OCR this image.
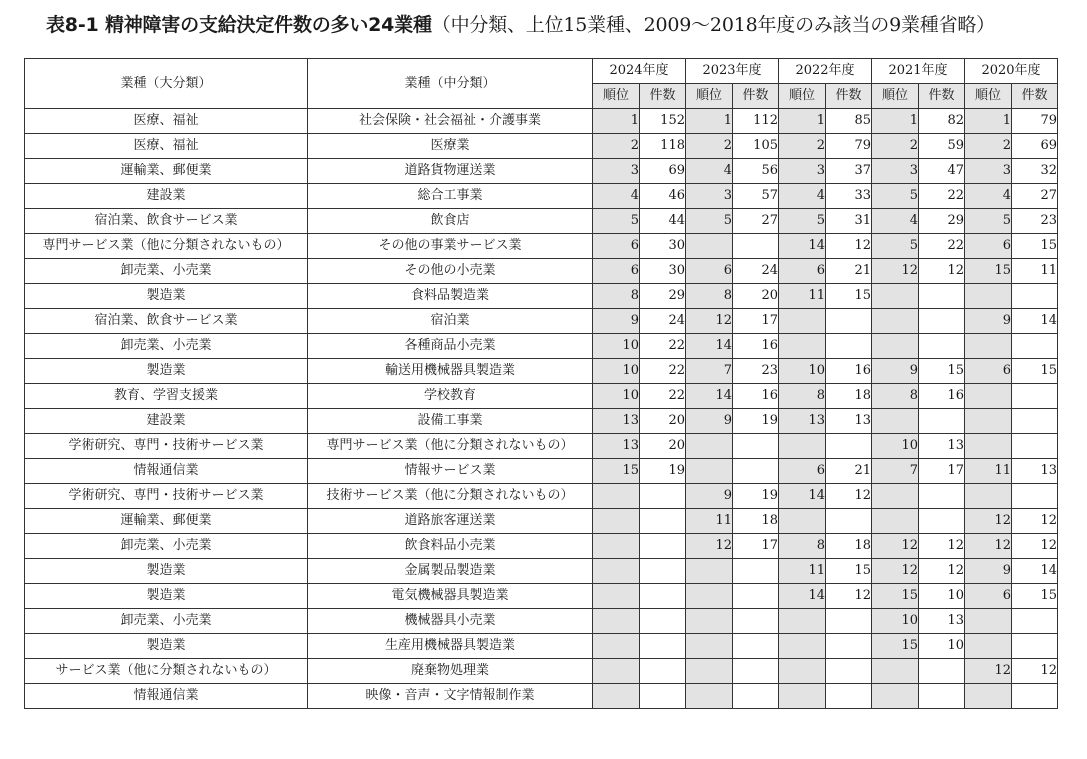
表8-1 精神障害の支給決定件数の多い24業種（中分類、上位15業種、2009〜2018年度のみ該当の9業種省略）
業種（大分類）	業種（中分類）	2024年度		2023年度		2022年度		2021年度		2020年度	
		順位	件数	順位	件数	順位	件数	順位	件数	順位	件数
医療、福祉	社会保険・社会福祉・介護事業	1	152	1	112	1	85	1	82	1	79
医療、福祉	医療業	2	118	2	105	2	79	2	59	2	69
運輸業、郵便業	道路貨物運送業	3	69	4	56	3	37	3	47	3	32
建設業	総合工事業	4	46	3	57	4	33	5	22	4	27
宿泊業、飲食サービス業	飲食店	5	44	5	27	5	31	4	29	5	23
専門サービス業（他に分類されないもの）	その他の事業サービス業	6	30			14	12	5	22	6	15
卸売業、小売業	その他の小売業	6	30	6	24	6	21	12	12	15	11
製造業	食料品製造業	8	29	8	20	11	15				
宿泊業、飲食サービス業	宿泊業	9	24	12	17					9	14
卸売業、小売業	各種商品小売業	10	22	14	16						
製造業	輸送用機械器具製造業	10	22	7	23	10	16	9	15	6	15
教育、学習支援業	学校教育	10	22	14	16	8	18	8	16		
建設業	設備工事業	13	20	9	19	13	13				
学術研究、専門・技術サービス業	専門サービス業（他に分類されないもの）	13	20					10	13		
情報通信業	情報サービス業	15	19			6	21	7	17	11	13
学術研究、専門・技術サービス業	技術サービス業（他に分類されないもの）			9	19	14	12				
運輸業、郵便業	道路旅客運送業			11	18					12	12
卸売業、小売業	飲食料品小売業			12	17	8	18	12	12	12	12
製造業	金属製品製造業					11	15	12	12	9	14
製造業	電気機械器具製造業					14	12	15	10	6	15
卸売業、小売業	機械器具小売業							10	13		
製造業	生産用機械器具製造業							15	10		
サービス業（他に分類されないもの）	廃棄物処理業									12	12
情報通信業	映像・音声・文字情報制作業										
